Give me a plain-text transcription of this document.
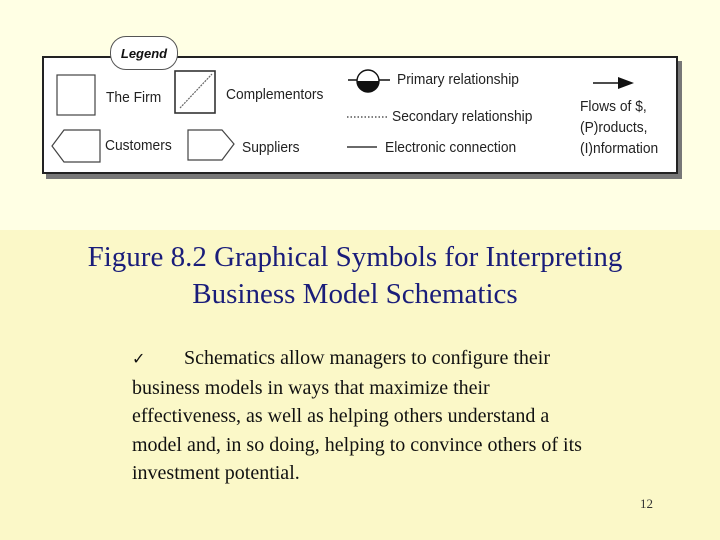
Legend
The Firm	Complementors
Customers	Suppliers
Primary relationship
Secondary relationship
Electronic connection
Flows of $,
(P)roducts,
(I)nformation
Figure 8.2 Graphical Symbols for Interpreting
Business Model Schematics
✓ Schematics allow managers to configure their
business models in ways that maximize their
effectiveness, as well as helping others understand a
model and, in so doing, helping to convince others of its
investment potential.
12
